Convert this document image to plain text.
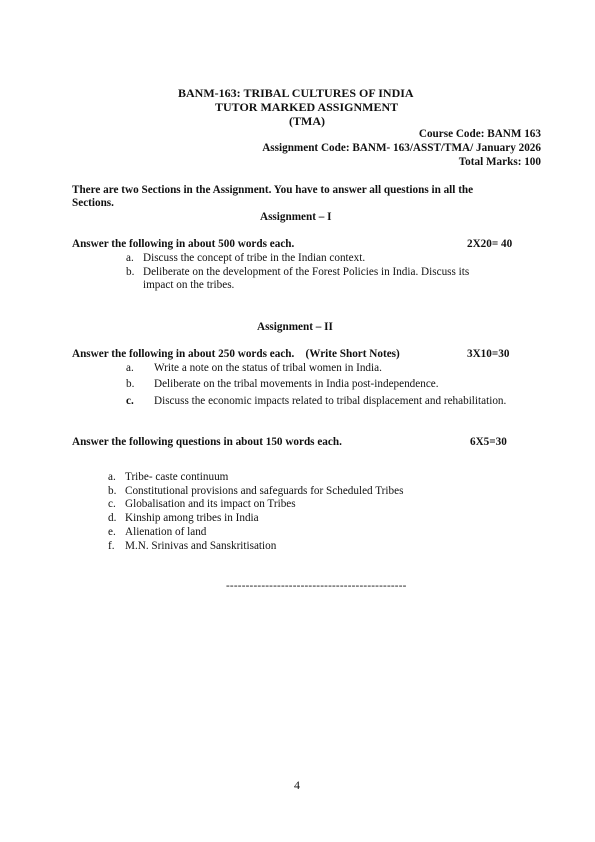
BANM-163: TRIBAL CULTURES OF INDIA
TUTOR MARKED ASSIGNMENT
(TMA)
Course Code: BANM 163
Assignment Code: BANM- 163/ASST/TMA/ January 2026
Total Marks: 100
There are two Sections in the Assignment. You have to answer all questions in all the
Sections.
Assignment – I
Answer the following in about 500 words each.	2X20= 40
a. Discuss the concept of tribe in the Indian context.
b. Deliberate on the development of the Forest Policies in India. Discuss its
impact on the tribes.
Assignment – II
Answer the following in about 250 words each.    (Write Short Notes)	3X10=30
a. Write a note on the status of tribal women in India.
b. Deliberate on the tribal movements in India post-independence.
c. Discuss the economic impacts related to tribal displacement and rehabilitation.
Answer the following questions in about 150 words each.	6X5=30
a. Tribe- caste continuum
b. Constitutional provisions and safeguards for Scheduled Tribes
c. Globalisation and its impact on Tribes
d. Kinship among tribes in India
e. Alienation of land
f. M.N. Srinivas and Sanskritisation
----------------------------------------------
4
